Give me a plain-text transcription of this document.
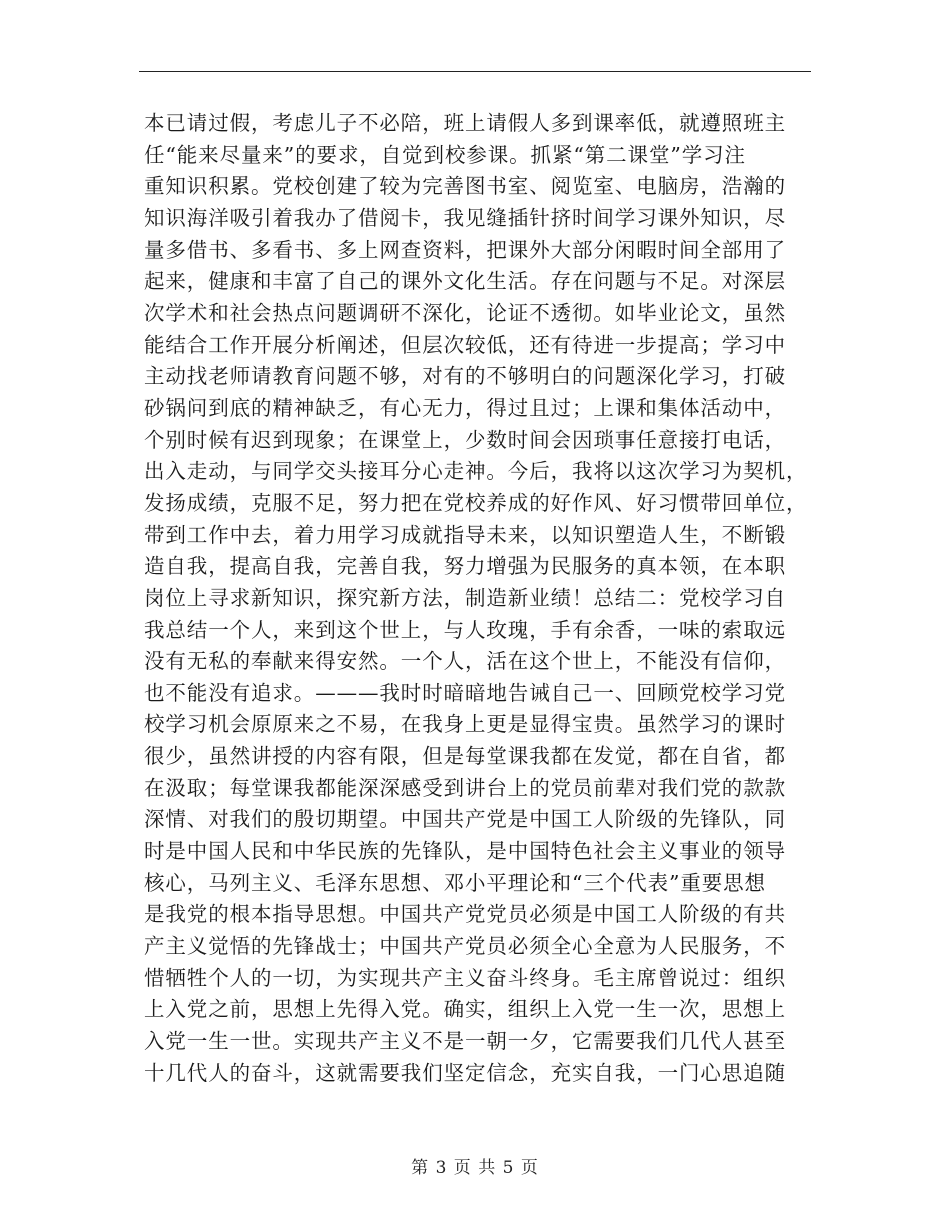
本已请过假，考虑儿子不必陪，班上请假人多到课率低，就遵照班主
任“能来尽量来”的要求，自觉到校参课。抓紧“第二课堂”学习注
重知识积累。党校创建了较为完善图书室、阅览室、电脑房，浩瀚的
知识海洋吸引着我办了借阅卡，我见缝插针挤时间学习课外知识，尽
量多借书、多看书、多上网查资料，把课外大部分闲暇时间全部用了
起来，健康和丰富了自己的课外文化生活。存在问题与不足。对深层
次学术和社会热点问题调研不深化，论证不透彻。如毕业论文，虽然
能结合工作开展分析阐述，但层次较低，还有待进一步提高；学习中
主动找老师请教育问题不够，对有的不够明白的问题深化学习，打破
砂锅问到底的精神缺乏，有心无力，得过且过；上课和集体活动中，
个别时候有迟到现象；在课堂上，少数时间会因琐事任意接打电话，
出入走动，与同学交头接耳分心走神。今后，我将以这次学习为契机，
发扬成绩，克服不足，努力把在党校养成的好作风、好习惯带回单位，
带到工作中去，着力用学习成就指导未来，以知识塑造人生，不断锻
造自我，提高自我，完善自我，努力增强为民服务的真本领，在本职
岗位上寻求新知识，探究新方法，制造新业绩！总结二：党校学习自
我总结一个人，来到这个世上，与人玫瑰，手有余香，一味的索取远
没有无私的奉献来得安然。一个人，活在这个世上，不能没有信仰，
也不能没有追求。———我时时暗暗地告诫自己一、回顾党校学习党
校学习机会原原来之不易，在我身上更是显得宝贵。虽然学习的课时
很少，虽然讲授的内容有限，但是每堂课我都在发觉，都在自省，都
在汲取；每堂课我都能深深感受到讲台上的党员前辈对我们党的款款
深情、对我们的殷切期望。中国共产党是中国工人阶级的先锋队，同
时是中国人民和中华民族的先锋队，是中国特色社会主义事业的领导
核心，马列主义、毛泽东思想、邓小平理论和“三个代表”重要思想
是我党的根本指导思想。中国共产党党员必须是中国工人阶级的有共
产主义觉悟的先锋战士；中国共产党员必须全心全意为人民服务，不
惜牺牲个人的一切，为实现共产主义奋斗终身。毛主席曾说过：组织
上入党之前，思想上先得入党。确实，组织上入党一生一次，思想上
入党一生一世。实现共产主义不是一朝一夕，它需要我们几代人甚至
十几代人的奋斗，这就需要我们坚定信念，充实自我，一门心思追随
第 3 页 共 5 页
